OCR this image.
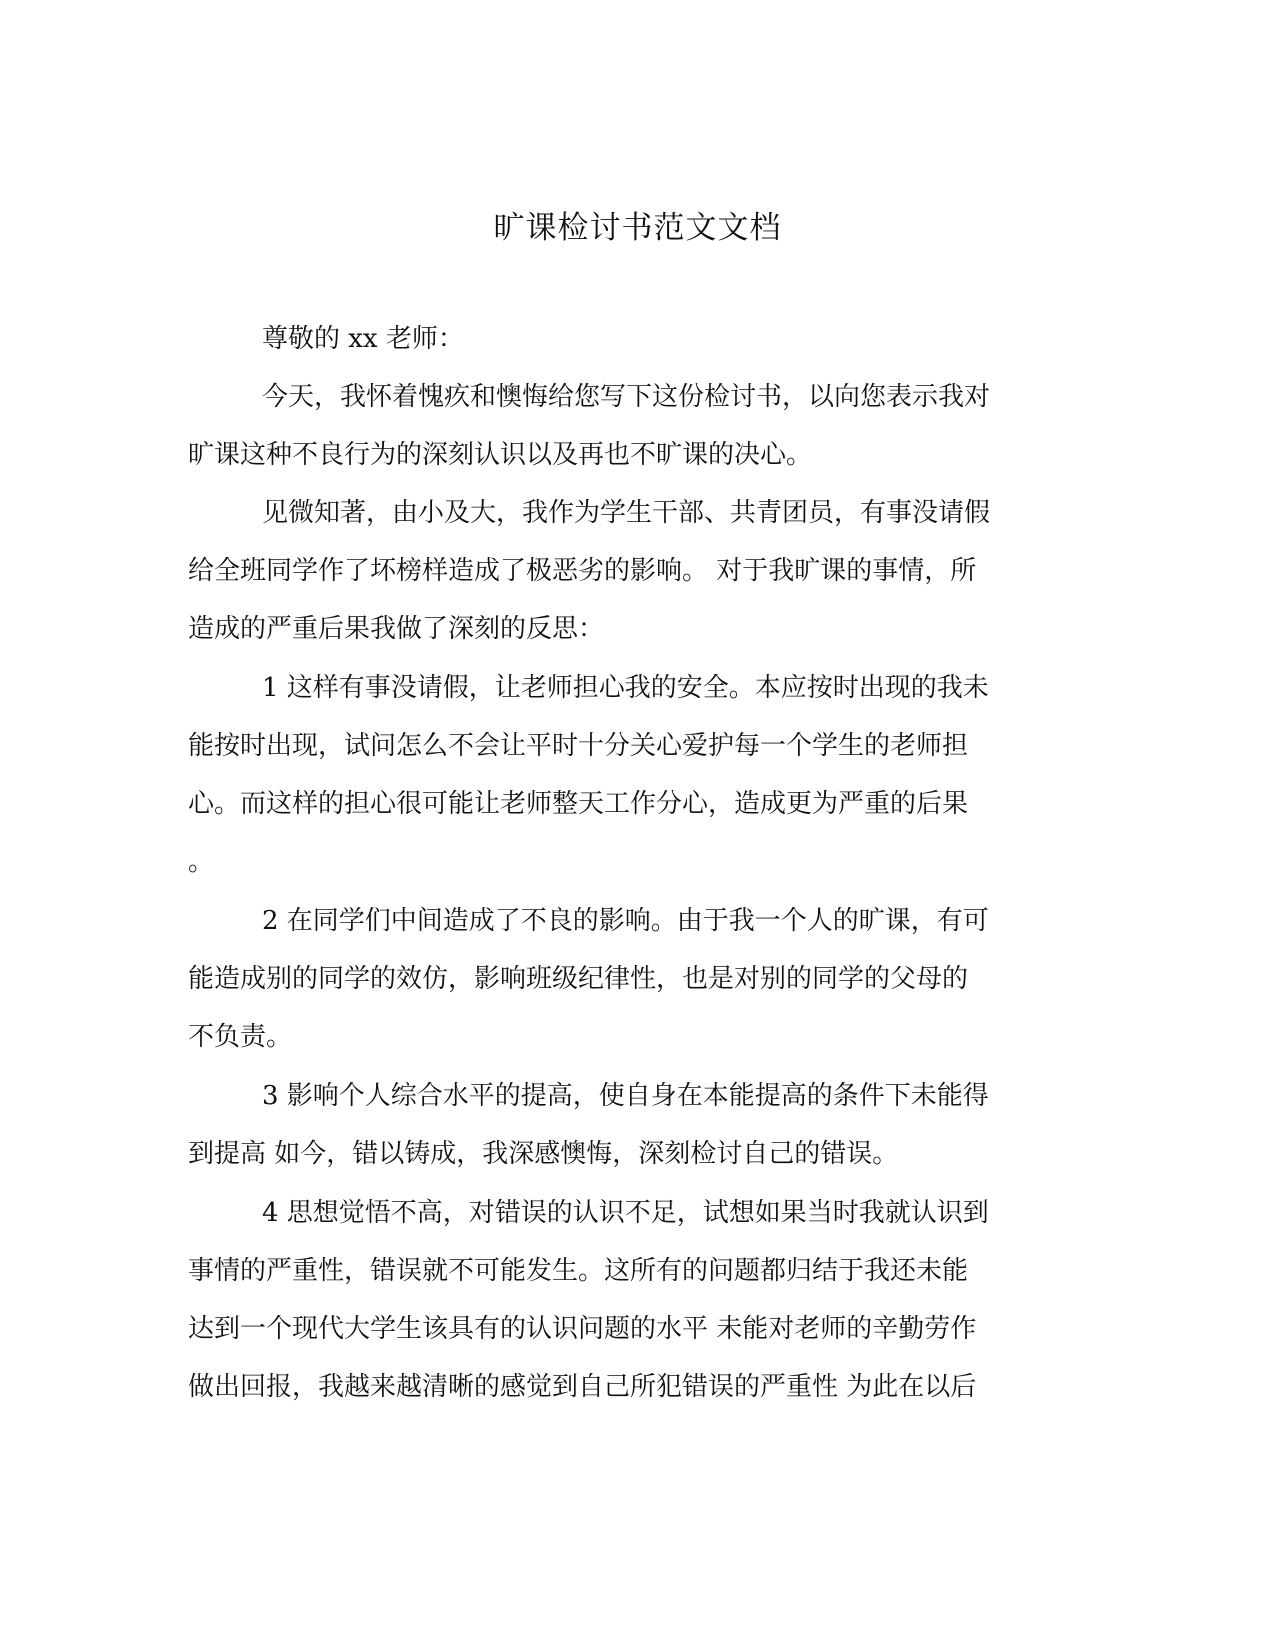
旷课检讨书范文文档

尊敬的 xx 老师：

今天，我怀着愧疚和懊悔给您写下这份检讨书，以向您表示我对

旷课这种不良行为的深刻认识以及再也不旷课的决心。

见微知著，由小及大，我作为学生干部、共青团员，有事没请假

给全班同学作了坏榜样造成了极恶劣的影响。 对于我旷课的事情，所

造成的严重后果我做了深刻的反思：

1 这样有事没请假，让老师担心我的安全。本应按时出现的我未

能按时出现，试问怎么不会让平时十分关心爱护每一个学生的老师担

心。而这样的担心很可能让老师整天工作分心，造成更为严重的后果

。

2 在同学们中间造成了不良的影响。由于我一个人的旷课，有可

能造成别的同学的效仿，影响班级纪律性，也是对别的同学的父母的

不负责。

3 影响个人综合水平的提高，使自身在本能提高的条件下未能得

到提高 如今，错以铸成，我深感懊悔，深刻检讨自己的错误。

4 思想觉悟不高，对错误的认识不足，试想如果当时我就认识到

事情的严重性，错误就不可能发生。这所有的问题都归结于我还未能

达到一个现代大学生该具有的认识问题的水平 未能对老师的辛勤劳作

做出回报，我越来越清晰的感觉到自己所犯错误的严重性 为此在以后
